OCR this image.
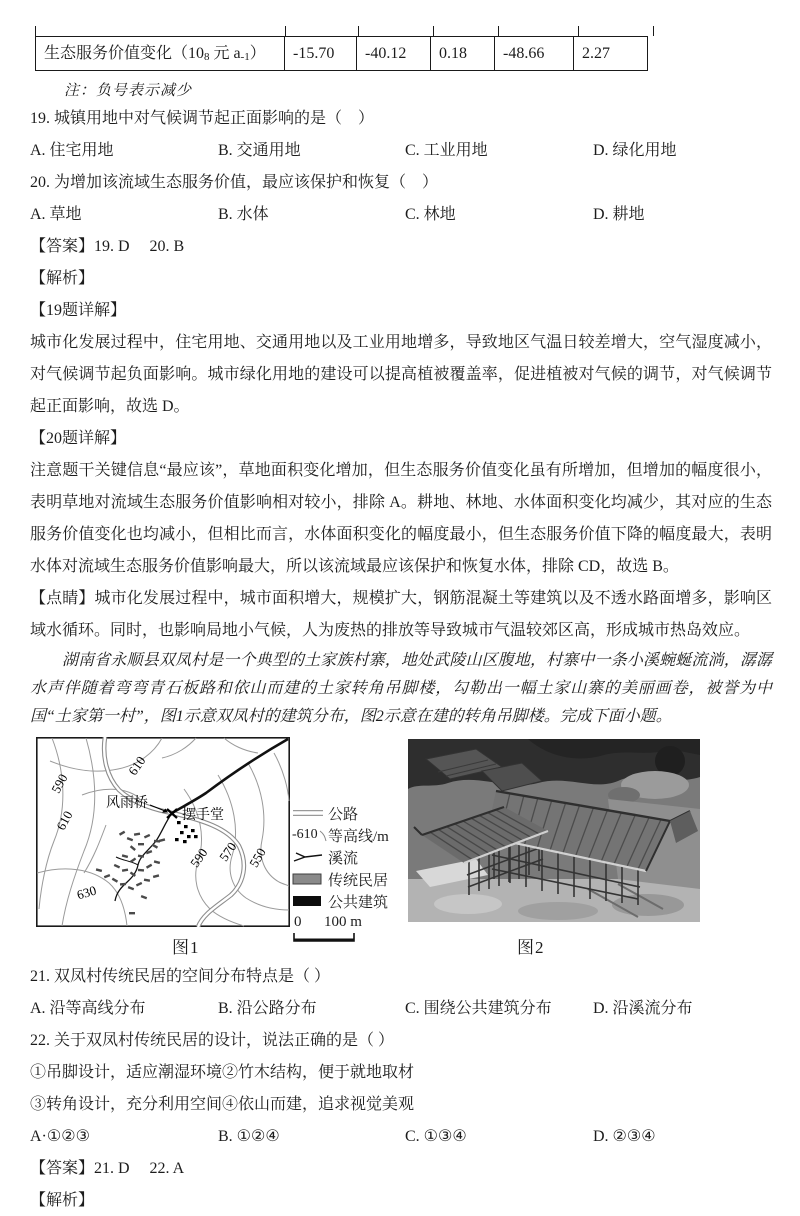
生态服务价值变化（108 元 a-1）	-15.70	-40.12	0.18	-48.66	2.27
注：负号表示减少

19. 城镇用地中对气候调节起正面影响的是（　）

A. 住宅用地	B. 交通用地	C. 工业用地	D. 绿化用地

20. 为增加该流域生态服务价值，最应该保护和恢复（　）

A. 草地	B. 水体	C. 林地	D. 耕地

【答案】19. D　 20. B

【解析】

【19题详解】

城市化发展过程中，住宅用地、交通用地以及工业用地增多，导致地区气温日较差增大，空气湿度减小，对气候调节起负面影响。城市绿化用地的建设可以提高植被覆盖率，促进植被对气候的调节，对气候调节起正面影响，故选 D。

【20题详解】

注意题干关键信息“最应该”，草地面积变化增加，但生态服务价值变化虽有所增加，但增加的幅度很小，表明草地对流域生态服务价值影响相对较小，排除 A。耕地、林地、水体面积变化均减少，其对应的生态服务价值变化也均减小，但相比而言，水体面积变化的幅度最小，但生态服务价值下降的幅度最大，表明水体对流域生态服务价值影响最大，所以该流域最应该保护和恢复水体，排除 CD，故选 B。

【点睛】城市化发展过程中，城市面积增大，规模扩大，钢筋混凝土等建筑以及不透水路面增多，影响区域水循环。同时，也影响局地小气候，人为废热的排放等导致城市气温较郊区高，形成城市热岛效应。

湖南省永顺县双凤村是一个典型的土家族村寨，地处武陵山区腹地，村寨中一条小溪蜿蜒流淌，潺潺水声伴随着弯弯青石板路和依山而建的土家转角吊脚楼，勾勒出一幅土家山寨的美丽画卷，被誉为中国“土家第一村”，图1示意双凤村的建筑分布，图2示意在建的转角吊脚楼。完成下面小题。

风雨桥
摆手堂
590
610
610
630
590 570 550
公路
-610 等高线/m
溪流
传统民居
公共建筑
0 100 m
图1	图2

21. 双凤村传统民居的空间分布特点是（ ）

A. 沿等高线分布	B. 沿公路分布	C. 围绕公共建筑分布	D. 沿溪流分布

22. 关于双凤村传统民居的设计，说法正确的是（ ）

①吊脚设计，适应潮湿环境②竹木结构，便于就地取材

③转角设计，充分利用空间④依山而建，追求视觉美观

A·①②③	B. ①②④	C. ①③④	D. ②③④

【答案】21. D　 22. A

【解析】
